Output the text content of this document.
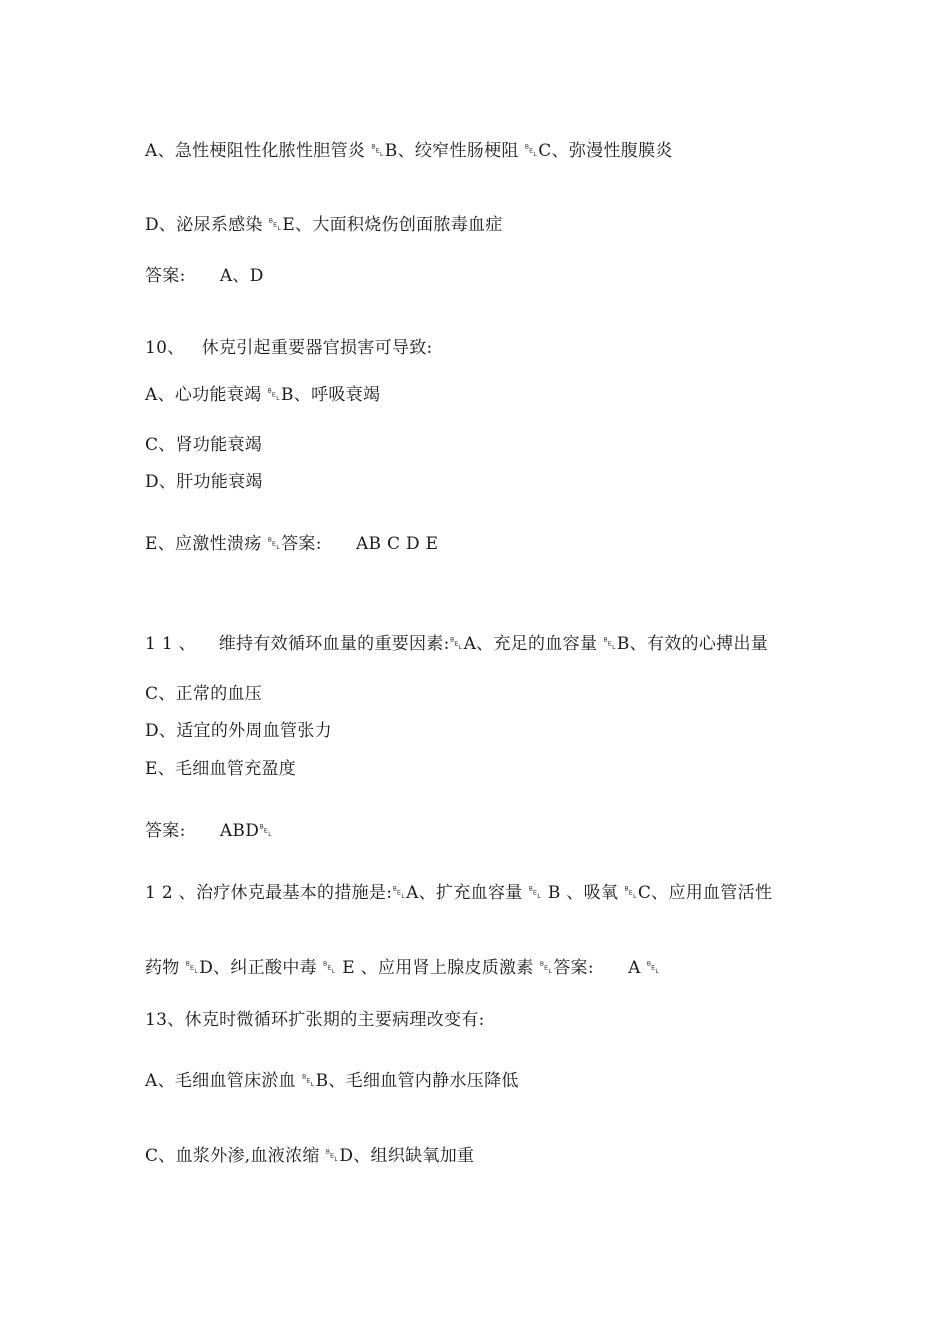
A、急性梗阻性化脓性胆管炎 ␇B、绞窄性肠梗阻 ␇C、弥漫性腹膜炎
D、泌尿系感染 ␇E、大面积烧伤创面脓毒血症
答案:      A、D
10、   休克引起重要器官损害可导致:
A、心功能衰竭 ␇B、呼吸衰竭
C、肾功能衰竭
D、肝功能衰竭
E、应激性溃疡 ␇答案:      AB C D E
1 1 、    维持有效循环血量的重要因素:␇A、充足的血容量 ␇B、有效的心搏出量
C、正常的血压
D、适宜的外周血管张力
E、毛细血管充盈度
答案:      ABD␇
1 2 、治疗休克最基本的措施是:␇A、扩充血容量 ␇ B 、吸氧 ␇C、应用血管活性
药物 ␇D、纠正酸中毒 ␇ E 、应用肾上腺皮质激素 ␇答案:      A ␇
13、休克时微循环扩张期的主要病理改变有:
A、毛细血管床淤血 ␇B、毛细血管内静水压降低
C、血浆外渗,血液浓缩 ␇D、组织缺氧加重
